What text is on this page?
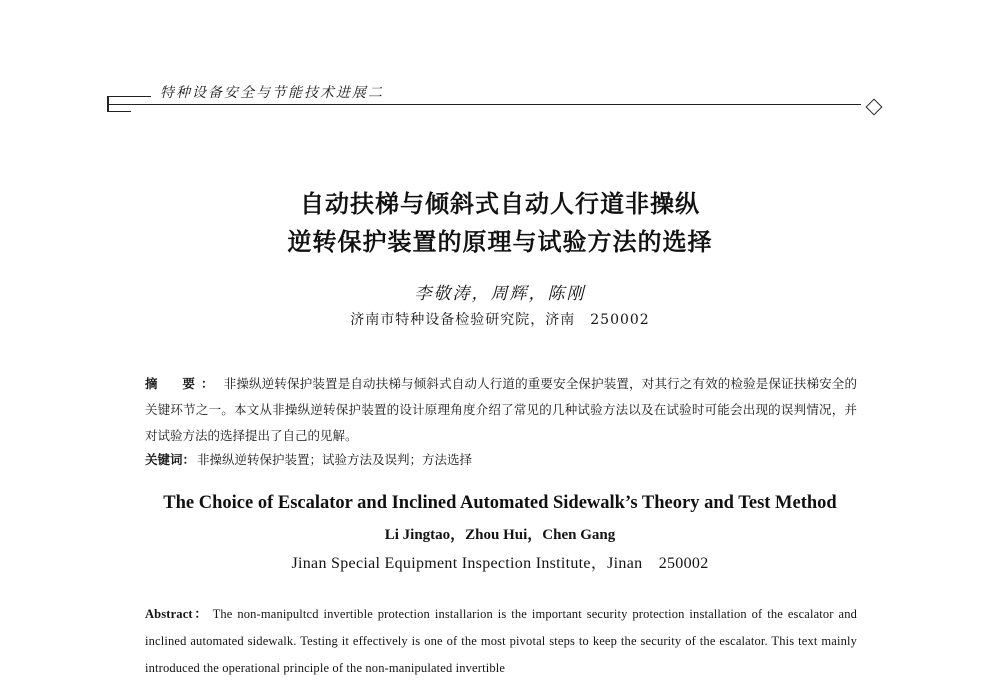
特种设备安全与节能技术进展二
自动扶梯与倾斜式自动人行道非操纵
逆转保护装置的原理与试验方法的选择
李敬涛，周辉，陈刚
济南市特种设备检验研究院，济南　250002

摘　要： 非操纵逆转保护装置是自动扶梯与倾斜式自动人行道的重要安全保护装置，对其行之有效的检验是保证扶梯安全的关键环节之一。本文从非操纵逆转保护装置的设计原理角度介绍了常见的几种试验方法以及在试验时可能会出现的误判情况，并对试验方法的选择提出了自己的见解。

关键词： 非操纵逆转保护装置；试验方法及误判；方法选择
The Choice of Escalator and Inclined Automated Sidewalk’s Theory and Test Method
Li Jingtao，Zhou Hui，Chen Gang
Jinan Special Equipment Inspection Institute，Jinan　250002

Abstract： The non-manipultcd invertible protection installarion is the important security protection installation of the escalator and inclined automated sidewalk. Testing it effectively is one of the most pivotal steps to keep the security of the escalator. This text mainly introduced the operational principle of the non-manipulated invertible
